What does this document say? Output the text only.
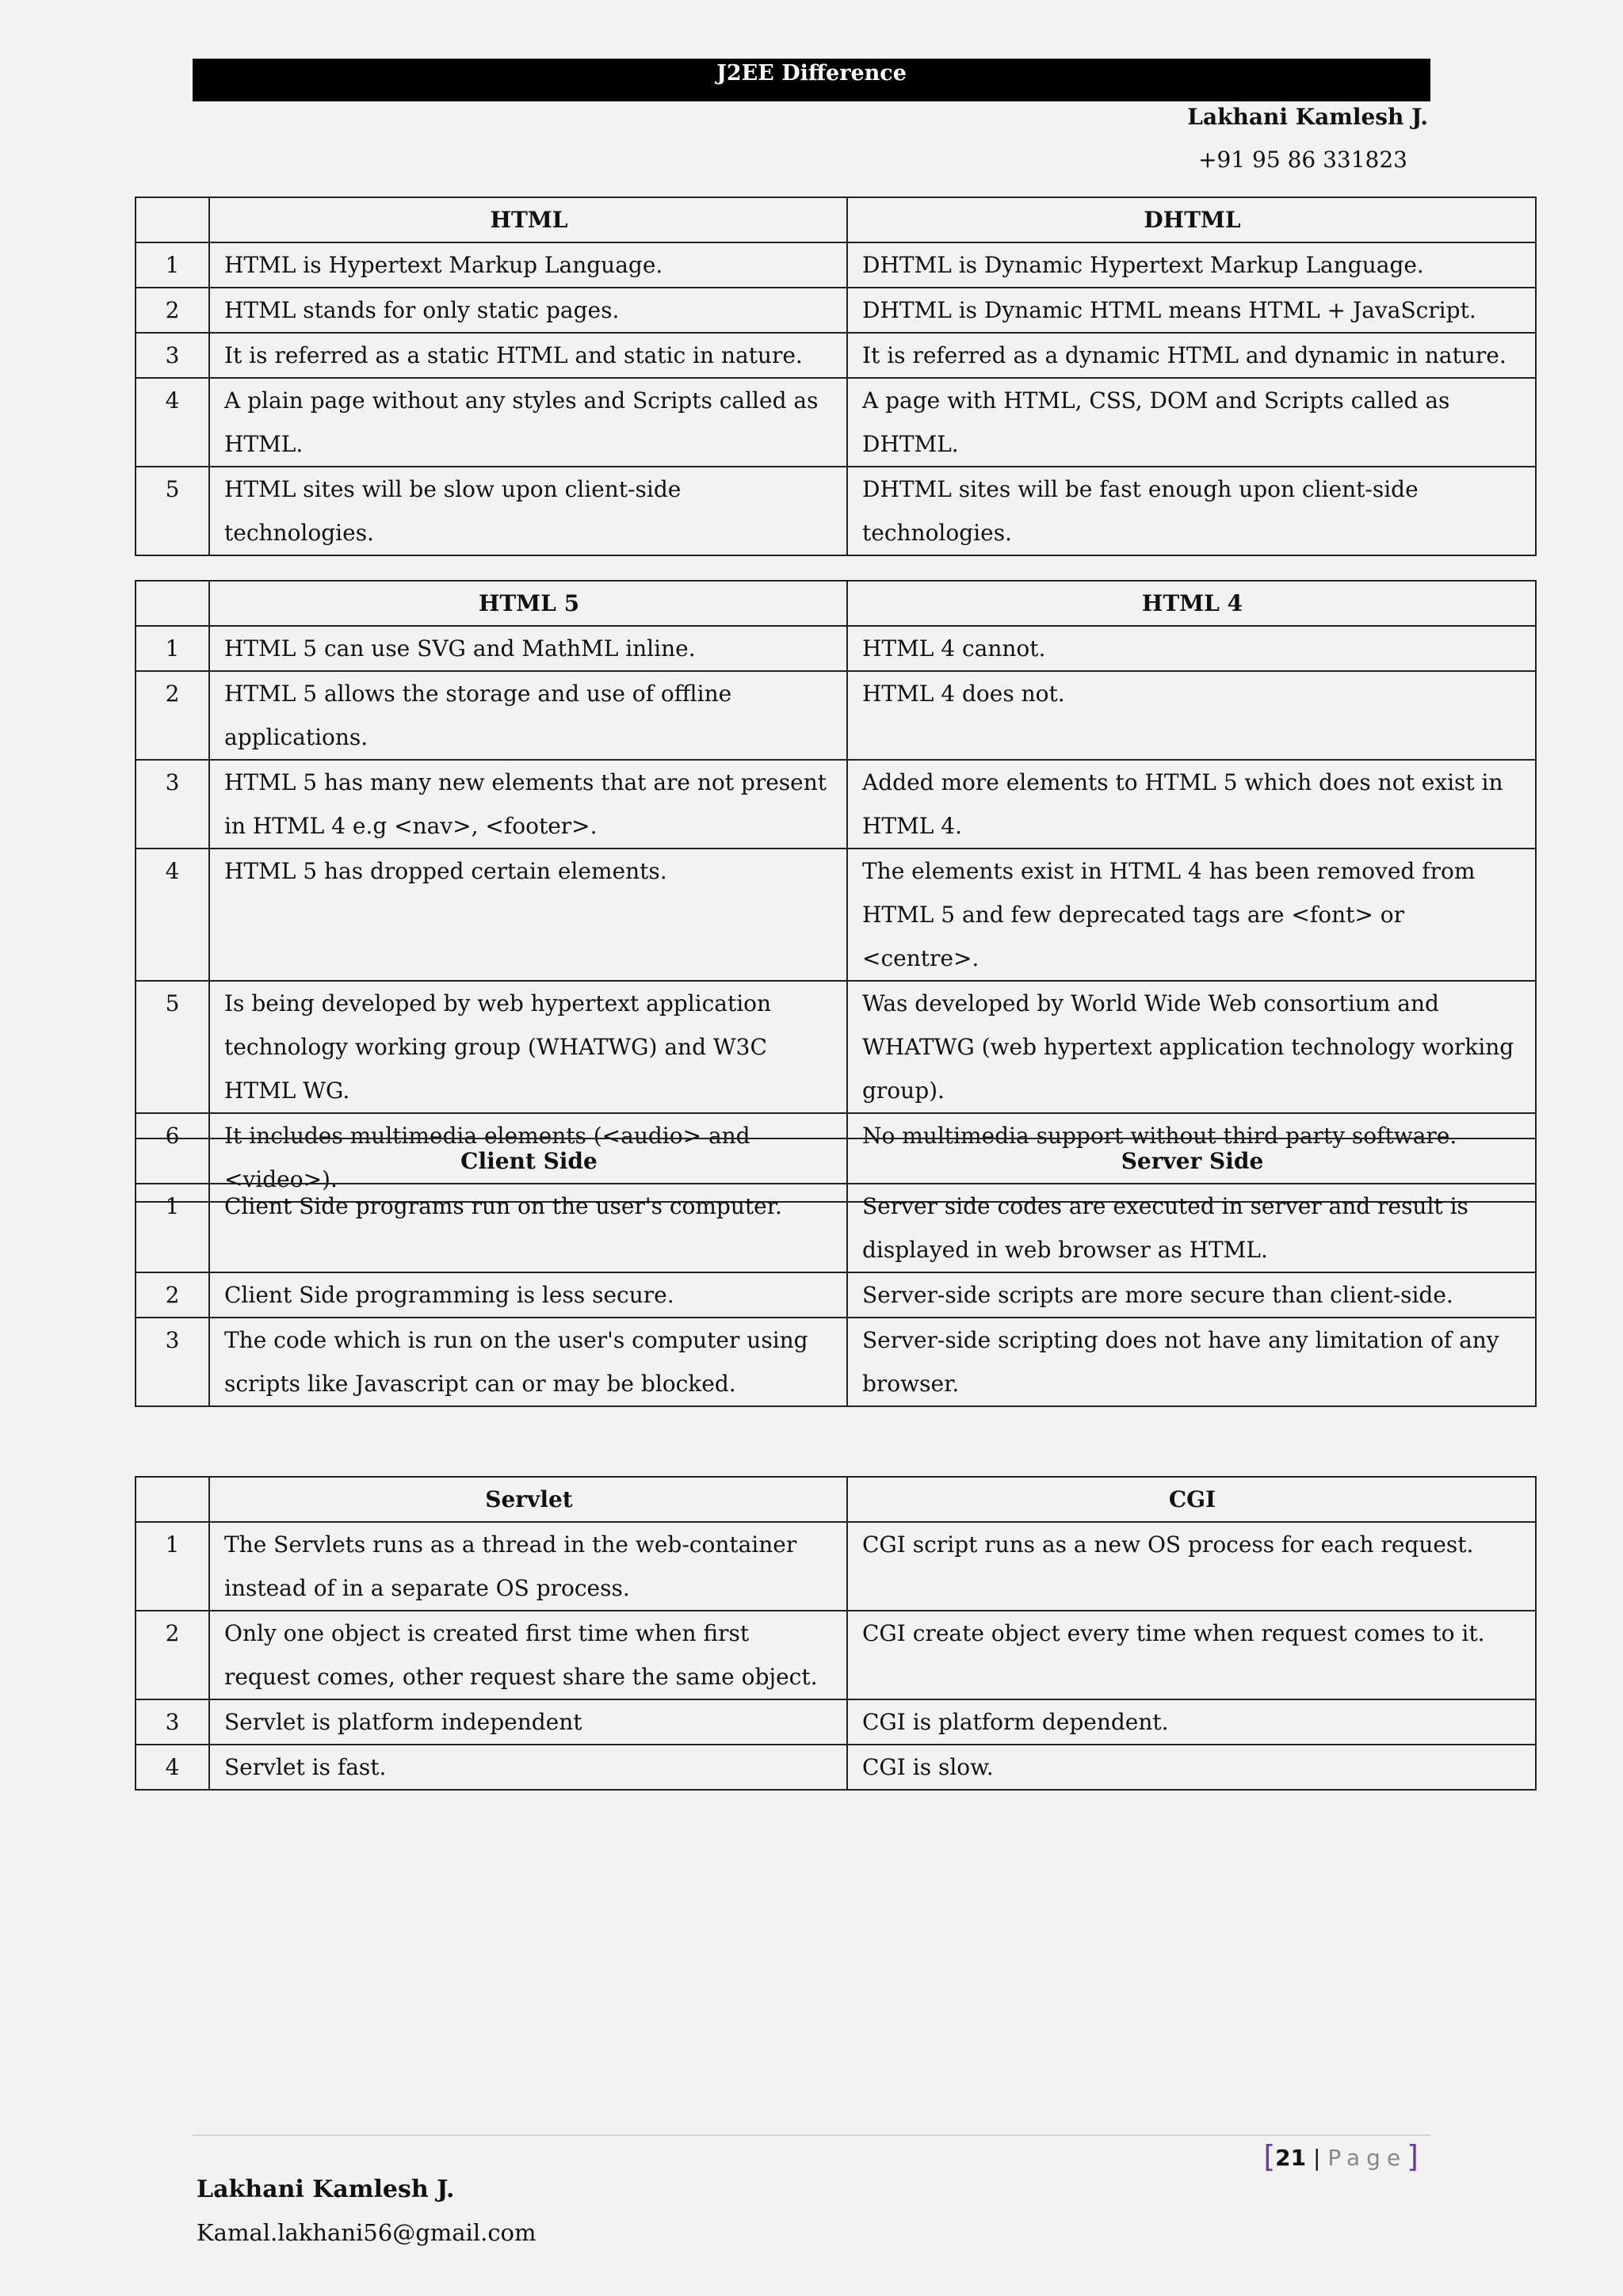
J2EE Difference
Lakhani Kamlesh J.
+91 95 86 331823
	HTML	DHTML
1	HTML is Hypertext Markup Language.	DHTML is Dynamic Hypertext Markup Language.
2	HTML stands for only static pages.	DHTML is Dynamic HTML means HTML + JavaScript.
3	It is referred as a static HTML and static in nature.	It is referred as a dynamic HTML and dynamic in nature.
4	A plain page without any styles and Scripts called as HTML.	A page with HTML, CSS, DOM and Scripts called as DHTML.
5	HTML sites will be slow upon client-side technologies.	DHTML sites will be fast enough upon client-side technologies.
	HTML 5	HTML 4
1	HTML 5 can use SVG and MathML inline.	HTML 4 cannot.
2	HTML 5 allows the storage and use of offline applications.	HTML 4 does not.
3	HTML 5 has many new elements that are not present in HTML 4 e.g <nav>, <footer>.	Added more elements to HTML 5 which does not exist in HTML 4.
4	HTML 5 has dropped certain elements.	The elements exist in HTML 4 has been removed from HTML 5 and few deprecated tags are <font> or <centre>.
5	Is being developed by web hypertext application technology working group (WHATWG) and W3C HTML WG.	Was developed by World Wide Web consortium and WHATWG (web hypertext application technology working group).
6	It includes multimedia elements (<audio> and <video>).	No multimedia support without third party software.
	Client Side	Server Side
1	Client Side programs run on the user's computer.	Server side codes are executed in server and result is displayed in web browser as HTML.
2	Client Side programming is less secure.	Server-side scripts are more secure than client-side.
3	The code which is run on the user's computer using scripts like Javascript can or may be blocked.	Server-side scripting does not have any limitation of any browser.
	Servlet	CGI
1	The Servlets runs as a thread in the web-container instead of in a separate OS process.	CGI script runs as a new OS process for each request.
2	Only one object is created first time when first request comes, other request share the same object.	CGI create object every time when request comes to it.
3	Servlet is platform independent	CGI is platform dependent.
4	Servlet is fast.	CGI is slow.
[21 | Page]
Lakhani Kamlesh J.
Kamal.lakhani56@gmail.com
